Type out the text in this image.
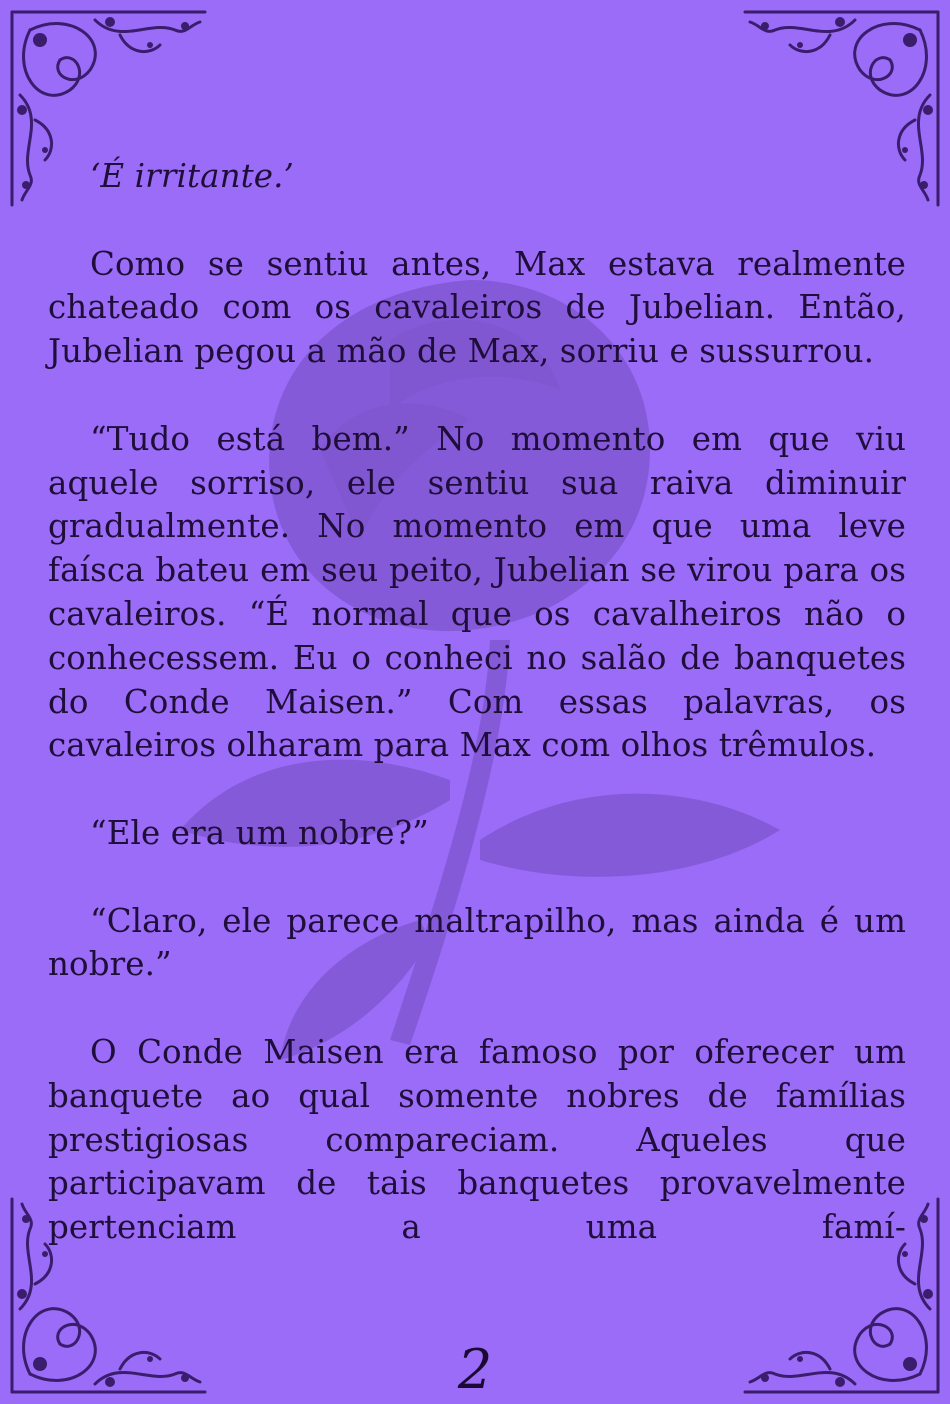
‘É irritante.’

Como se sentiu antes, Max estava realmente chateado com os cavaleiros de Jubelian. Então, Jubelian pegou a mão de Max, sorriu e sussurrou.

“Tudo está bem.” No momento em que viu aquele sorriso, ele sentiu sua raiva diminuir gradualmente. No momento em que uma leve faísca bateu em seu peito, Jubelian se virou para os cavaleiros. “É normal que os cavalheiros não o conhecessem. Eu o conheci no salão de banquetes do Conde Maisen.” Com essas palavras, os cavaleiros olharam para Max com olhos trêmulos.

“Ele era um nobre?”

“Claro, ele parece maltrapilho, mas ainda é um nobre.”

O Conde Maisen era famoso por oferecer um banquete ao qual somente nobres de famílias prestigiosas compareciam. Aqueles que participavam de tais banquetes provavelmente pertenciam a uma famí-

2
